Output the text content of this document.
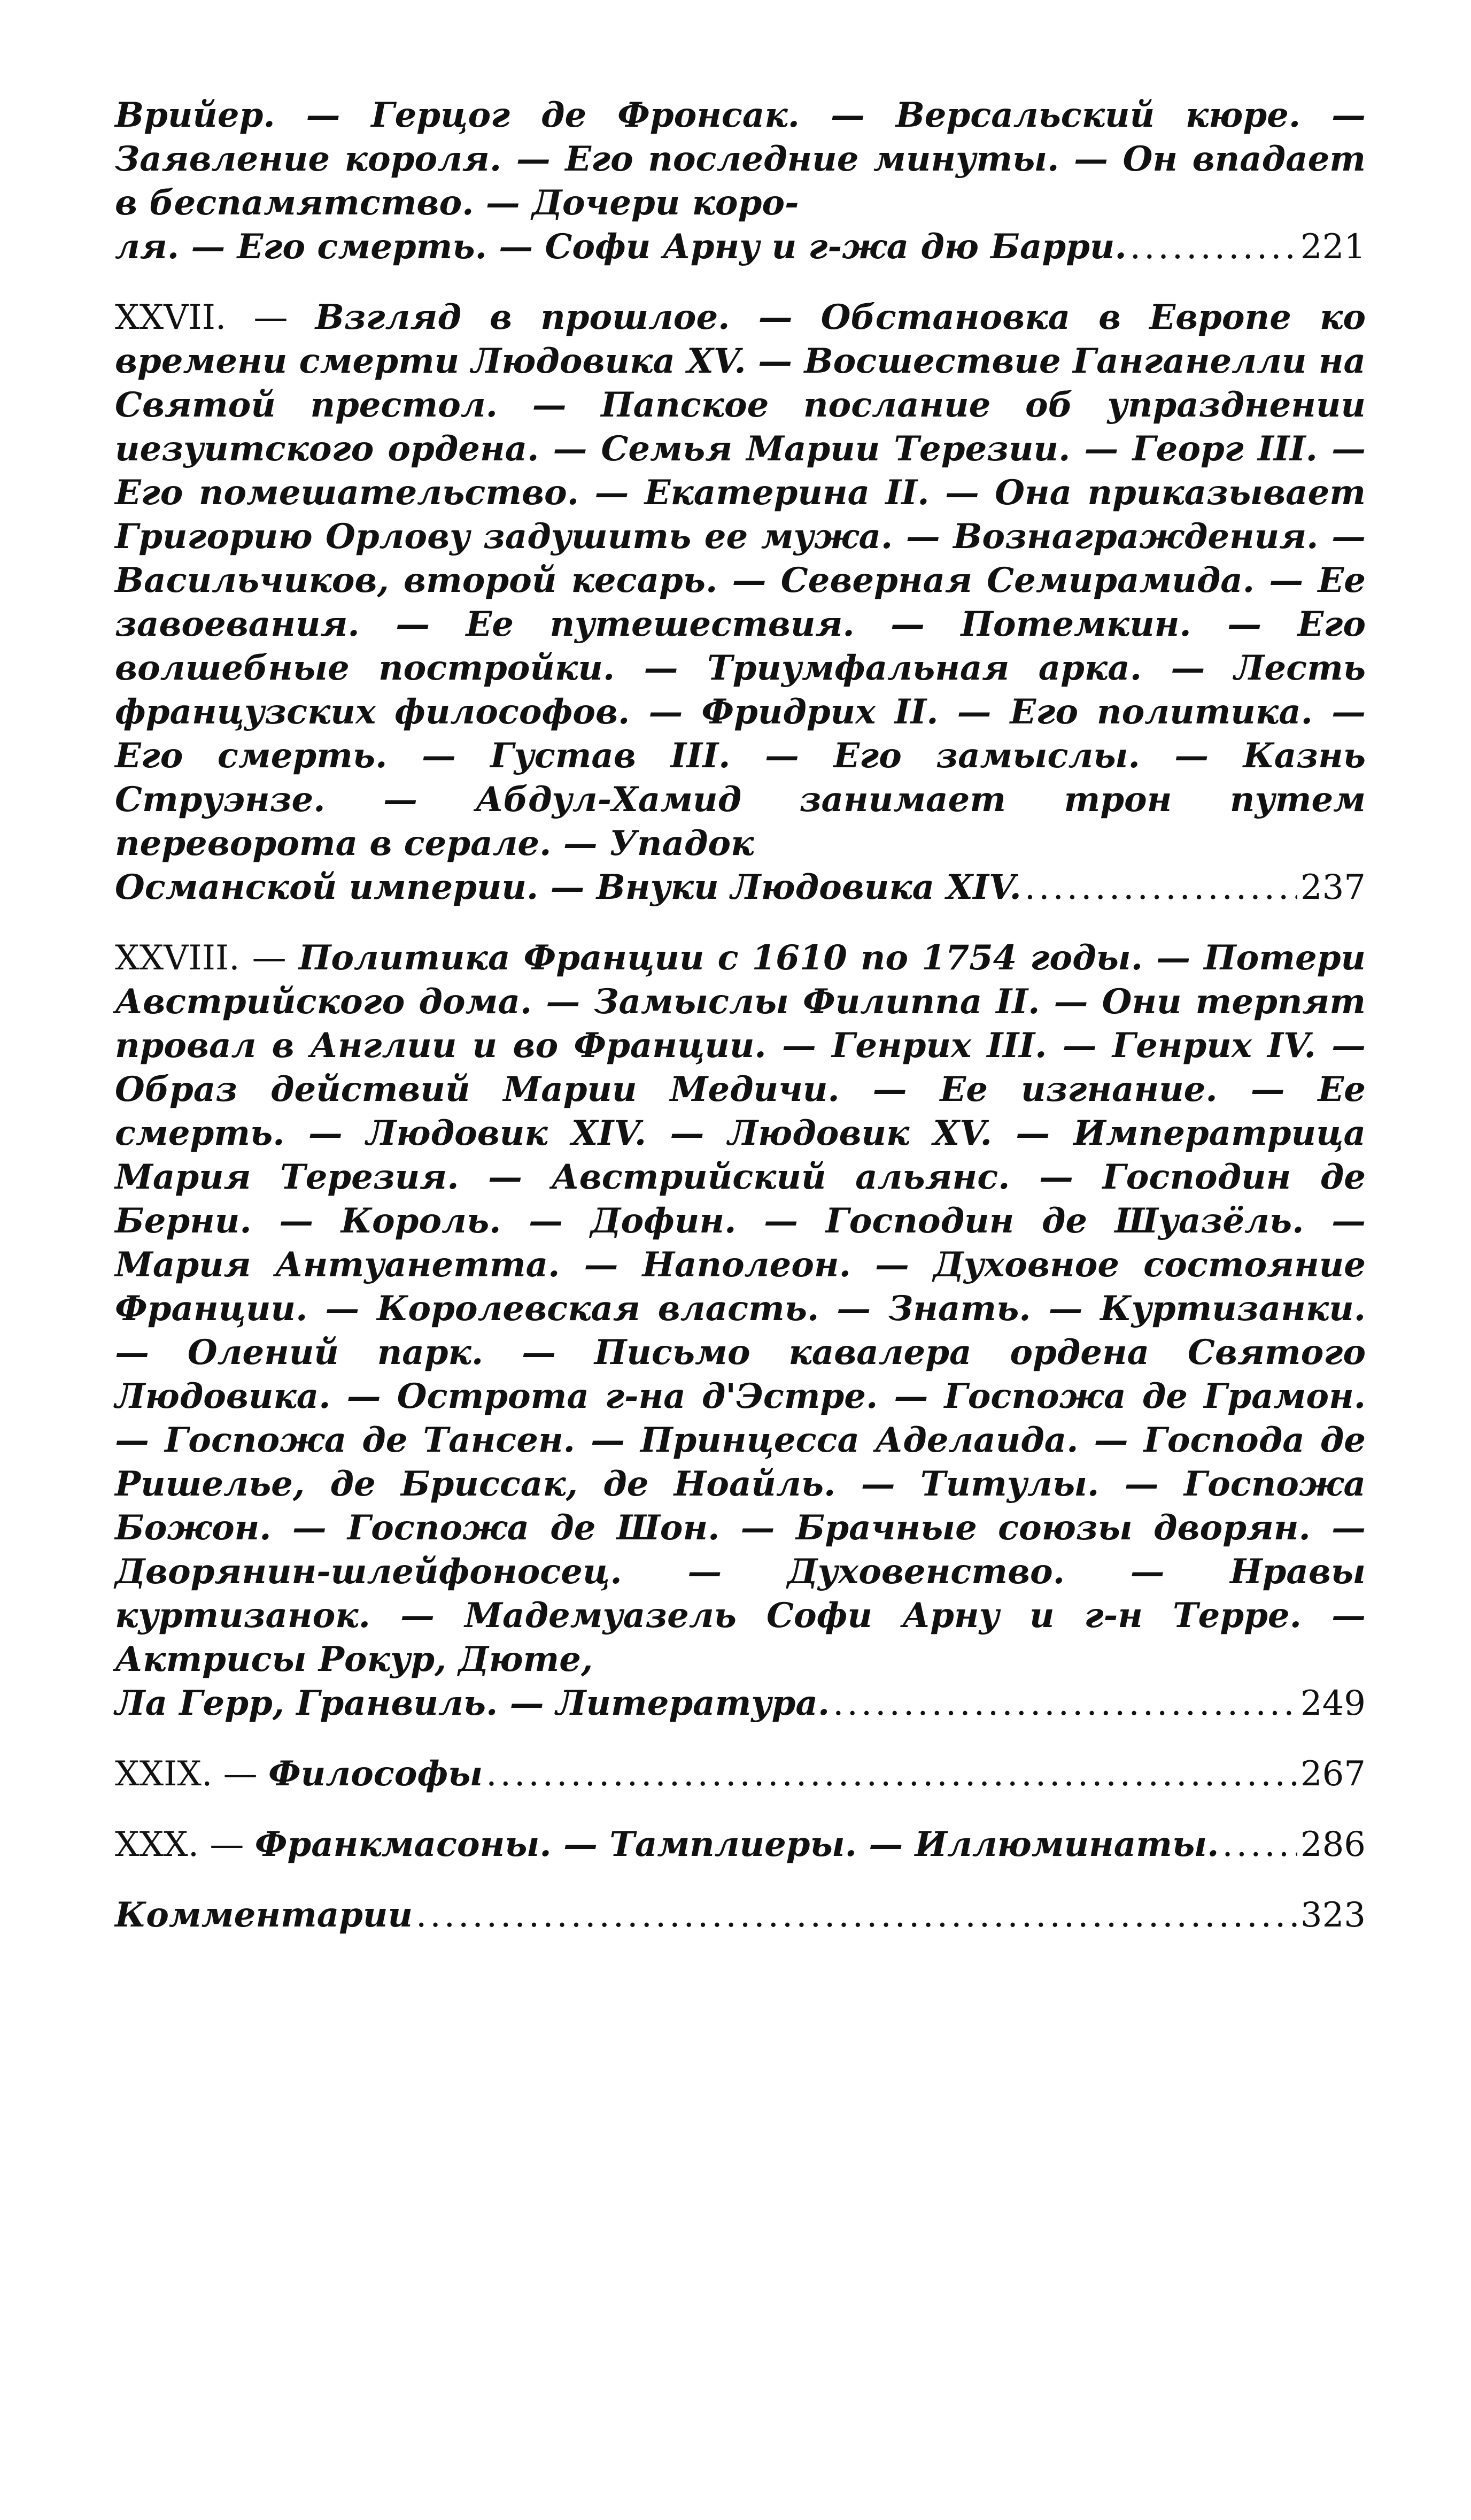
Врийер. — Герцог де Фронсак. — Версальский кюре. — Заявление короля. — Его последние минуты. — Он впадает в беспамятство. — Дочери коро-
ля. — Его смерть. — Софи Арну и г-жа дю Барри. .....	221
XXVII. — Взгляд в прошлое. — Обстановка в Европе ко времени смерти Людовика XV. — Восшествие Ганганелли на Святой престол. — Папское послание об упразднении иезуитского ордена. — Семья Марии Терезии. — Георг III. — Его помешательство. — Екатерина II. — Она приказывает Григорию Орлову задушить ее мужа. — Вознаграждения. — Васильчиков, второй кесарь. — Северная Семирамида. — Ее завоевания. — Ее путешествия. — Потемкин. — Его волшебные постройки. — Триумфальная арка. — Лесть французских философов. — Фридрих II. — Его политика. — Его смерть. — Густав III. — Его замыслы. — Казнь Струэнзе. — Абдул-Хамид занимает трон путем переворота в серале. — Упадок
Османской империи. — Внуки Людовика XIV. .....	237
XXVIII. — Политика Франции с 1610 по 1754 годы. — Потери Австрийского дома. — Замыслы Филиппа II. — Они терпят провал в Англии и во Франции. — Генрих III. — Генрих IV. — Образ действий Марии Медичи. — Ее изгнание. — Ее смерть. — Людовик XIV. — Людовик XV. — Императрица Мария Терезия. — Австрийский альянс. — Господин де Берни. — Король. — Дофин. — Господин де Шуазёль. — Мария Антуанетта. — Наполеон. — Духовное состояние Франции. — Королевская власть. — Знать. — Куртизанки. — Олений парк. — Письмо кавалера ордена Святого Людовика. — Острота г-на д'Эстре. — Госпожа де Грамон. — Госпожа де Тансен. — Принцесса Аделаида. — Господа де Ришелье, де Бриссак, де Ноайль. — Титулы. — Госпожа Божон. — Госпожа де Шон. — Брачные союзы дворян. — Дворянин-шлейфоносец. — Духовенство. — Нравы куртизанок. — Мадемуазель Софи Арну и г-н Терре. — Актрисы Рокур, Дюте,
Ла Герр, Гранвиль. — Литература. .....	249
XXIX. — Философы .....	267
XXX. — Франкмасоны. — Тамплиеры. — Иллюминаты. ..... 286
Комментарии .....	323
